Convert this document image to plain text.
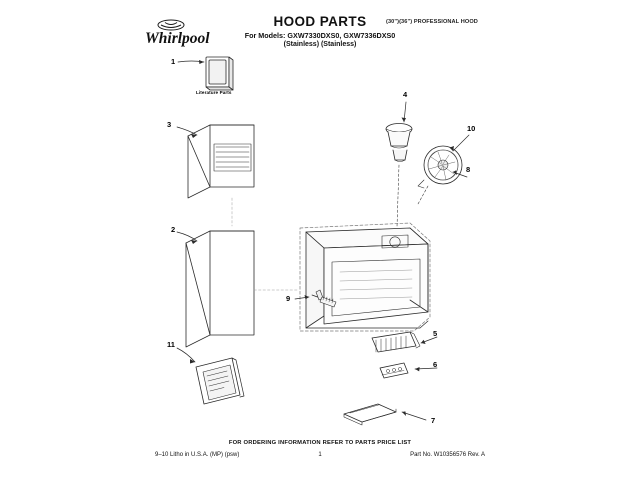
Whirlpool
HOOD PARTS
For Models: GXW7330DXS0, GXW7336DXS0
(Stainless) (Stainless)
(30")(36") PROFESSIONAL HOOD
1
2
3
4
5
6
7
8
9
10
11
Literature Parts
FOR ORDERING INFORMATION REFER TO PARTS PRICE LIST
9–10 Litho in U.S.A. (MP) (psw)	1	Part No. W10356576 Rev. A
